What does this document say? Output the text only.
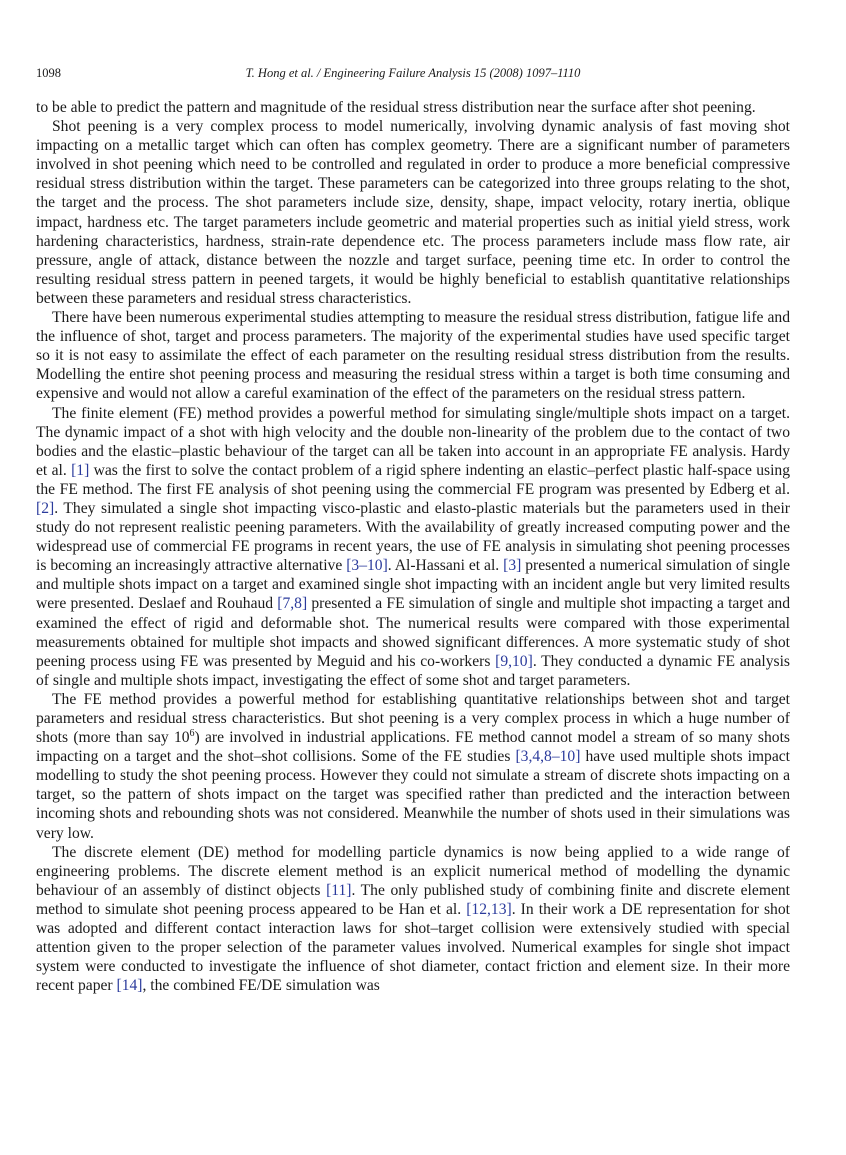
1098	T. Hong et al. / Engineering Failure Analysis 15 (2008) 1097–1110

to be able to predict the pattern and magnitude of the residual stress distribution near the surface after shot peening.

Shot peening is a very complex process to model numerically, involving dynamic analysis of fast moving shot impacting on a metallic target which can often has complex geometry. There are a significant number of parameters involved in shot peening which need to be controlled and regulated in order to produce a more beneficial compressive residual stress distribution within the target. These parameters can be categorized into three groups relating to the shot, the target and the process. The shot parameters include size, density, shape, impact velocity, rotary inertia, oblique impact, hardness etc. The target parameters include geometric and material properties such as initial yield stress, work hardening characteristics, hardness, strain-rate dependence etc. The process parameters include mass flow rate, air pressure, angle of attack, distance between the nozzle and target surface, peening time etc. In order to control the resulting residual stress pattern in peened targets, it would be highly beneficial to establish quantitative relationships between these parameters and residual stress characteristics.

There have been numerous experimental studies attempting to measure the residual stress distribution, fatigue life and the influence of shot, target and process parameters. The majority of the experimental studies have used specific target so it is not easy to assimilate the effect of each parameter on the resulting residual stress distribution from the results. Modelling the entire shot peening process and measuring the residual stress within a target is both time consuming and expensive and would not allow a careful examination of the effect of the parameters on the residual stress pattern.

The finite element (FE) method provides a powerful method for simulating single/multiple shots impact on a target. The dynamic impact of a shot with high velocity and the double non-linearity of the problem due to the contact of two bodies and the elastic–plastic behaviour of the target can all be taken into account in an appropriate FE analysis. Hardy et al. [1] was the first to solve the contact problem of a rigid sphere indenting an elastic–perfect plastic half-space using the FE method. The first FE analysis of shot peening using the commercial FE program was presented by Edberg et al. [2]. They simulated a single shot impacting visco-plastic and elasto-plastic materials but the parameters used in their study do not represent realistic peening parameters. With the availability of greatly increased computing power and the widespread use of commercial FE programs in recent years, the use of FE analysis in simulating shot peening processes is becoming an increasingly attractive alternative [3–10]. Al-Hassani et al. [3] presented a numerical simulation of single and multiple shots impact on a target and examined single shot impacting with an incident angle but very limited results were presented. Deslaef and Rouhaud [7,8] presented a FE simulation of single and multiple shot impacting a target and examined the effect of rigid and deformable shot. The numerical results were compared with those experimental measurements obtained for multiple shot impacts and showed significant differences. A more systematic study of shot peening process using FE was presented by Meguid and his co-workers [9,10]. They conducted a dynamic FE analysis of single and multiple shots impact, investigating the effect of some shot and target parameters.

The FE method provides a powerful method for establishing quantitative relationships between shot and target parameters and residual stress characteristics. But shot peening is a very complex process in which a huge number of shots (more than say $10^6$) are involved in industrial applications. FE method cannot model a stream of so many shots impacting on a target and the shot–shot collisions. Some of the FE studies [3,4,8–10] have used multiple shots impact modelling to study the shot peening process. However they could not simulate a stream of discrete shots impacting on a target, so the pattern of shots impact on the target was specified rather than predicted and the interaction between incoming shots and rebounding shots was not considered. Meanwhile the number of shots used in their simulations was very low.

The discrete element (DE) method for modelling particle dynamics is now being applied to a wide range of engineering problems. The discrete element method is an explicit numerical method of modelling the dynamic behaviour of an assembly of distinct objects [11]. The only published study of combining finite and discrete element method to simulate shot peening process appeared to be Han et al. [12,13]. In their work a DE representation for shot was adopted and different contact interaction laws for shot–target collision were extensively studied with special attention given to the proper selection of the parameter values involved. Numerical examples for single shot impact system were conducted to investigate the influence of shot diameter, contact friction and element size. In their more recent paper [14], the combined FE/DE simulation was
